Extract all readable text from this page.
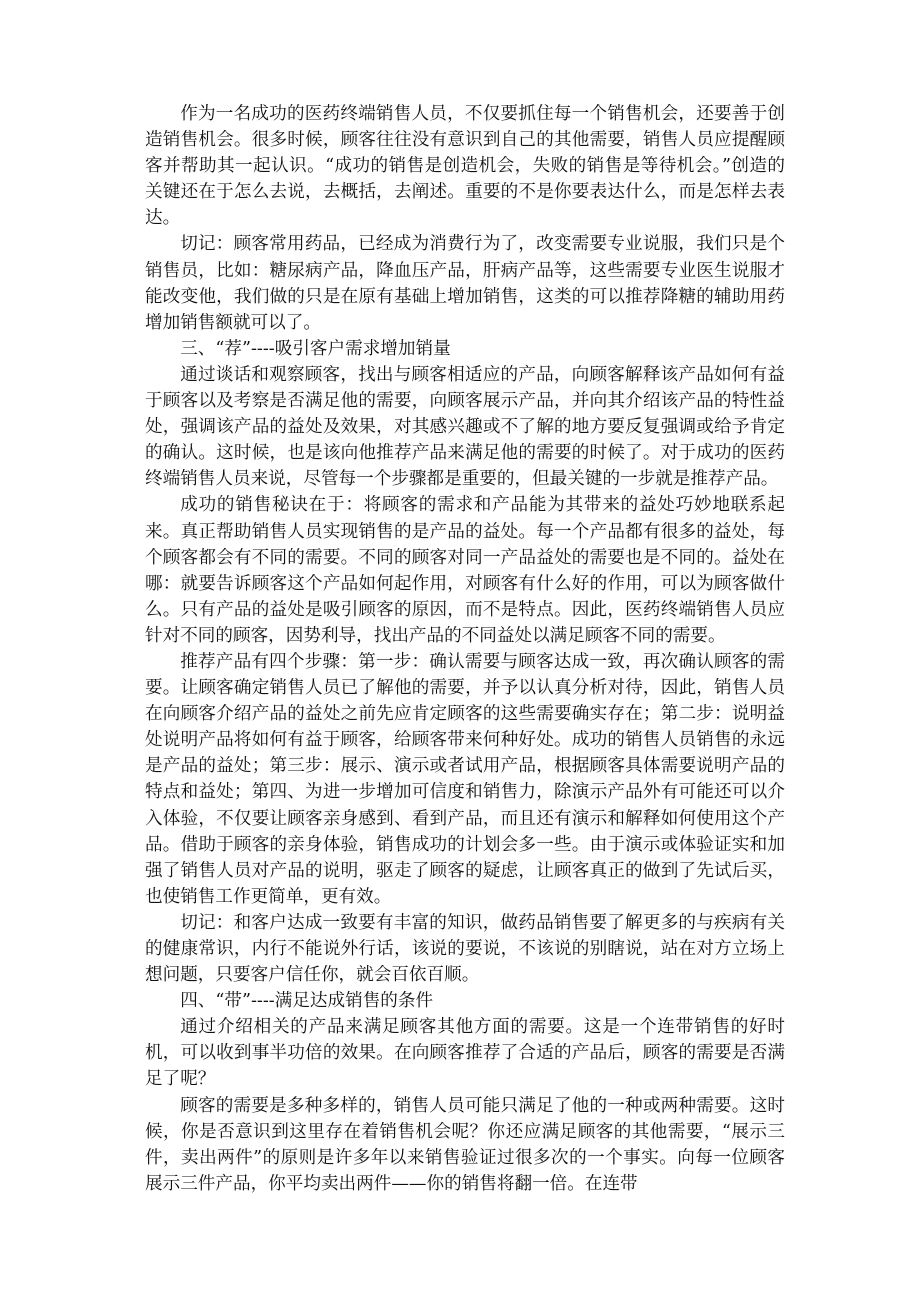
作为一名成功的医药终端销售人员，不仅要抓住每一个销售机会，还要善于创造销售机会。很多时候，顾客往往没有意识到自己的其他需要，销售人员应提醒顾客并帮助其一起认识。“成功的销售是创造机会，失败的销售是等待机会。”创造的关键还在于怎么去说，去概括，去阐述。重要的不是你要表达什么，而是怎样去表达。

切记：顾客常用药品，已经成为消费行为了，改变需要专业说服，我们只是个销售员，比如：糖尿病产品，降血压产品，肝病产品等，这些需要专业医生说服才能改变他，我们做的只是在原有基础上增加销售，这类的可以推荐降糖的辅助用药增加销售额就可以了。

三、“荐”----吸引客户需求增加销量

通过谈话和观察顾客，找出与顾客相适应的产品，向顾客解释该产品如何有益于顾客以及考察是否满足他的需要，向顾客展示产品，并向其介绍该产品的特性益处，强调该产品的益处及效果，对其感兴趣或不了解的地方要反复强调或给予肯定的确认。这时候，也是该向他推荐产品来满足他的需要的时候了。对于成功的医药终端销售人员来说，尽管每一个步骤都是重要的，但最关键的一步就是推荐产品。

成功的销售秘诀在于：将顾客的需求和产品能为其带来的益处巧妙地联系起来。真正帮助销售人员实现销售的是产品的益处。每一个产品都有很多的益处，每个顾客都会有不同的需要。不同的顾客对同一产品益处的需要也是不同的。益处在哪：就要告诉顾客这个产品如何起作用，对顾客有什么好的作用，可以为顾客做什么。只有产品的益处是吸引顾客的原因，而不是特点。因此，医药终端销售人员应针对不同的顾客，因势利导，找出产品的不同益处以满足顾客不同的需要。

推荐产品有四个步骤：第一步：确认需要与顾客达成一致，再次确认顾客的需要。让顾客确定销售人员已了解他的需要，并予以认真分析对待，因此，销售人员在向顾客介绍产品的益处之前先应肯定顾客的这些需要确实存在；第二步：说明益处说明产品将如何有益于顾客，给顾客带来何种好处。成功的销售人员销售的永远是产品的益处；第三步：展示、演示或者试用产品，根据顾客具体需要说明产品的特点和益处；第四、为进一步增加可信度和销售力，除演示产品外有可能还可以介入体验，不仅要让顾客亲身感到、看到产品，而且还有演示和解释如何使用这个产品。借助于顾客的亲身体验，销售成功的计划会多一些。由于演示或体验证实和加强了销售人员对产品的说明，驱走了顾客的疑虑，让顾客真正的做到了先试后买，也使销售工作更简单，更有效。

切记：和客户达成一致要有丰富的知识，做药品销售要了解更多的与疾病有关的健康常识，内行不能说外行话，该说的要说，不该说的别瞎说，站在对方立场上想问题，只要客户信任你，就会百依百顺。

四、“带”----满足达成销售的条件

通过介绍相关的产品来满足顾客其他方面的需要。这是一个连带销售的好时机，可以收到事半功倍的效果。在向顾客推荐了合适的产品后，顾客的需要是否满足了呢？

顾客的需要是多种多样的，销售人员可能只满足了他的一种或两种需要。这时候，你是否意识到这里存在着销售机会呢？你还应满足顾客的其他需要，“展示三件，卖出两件”的原则是许多年以来销售验证过很多次的一个事实。向每一位顾客展示三件产品，你平均卖出两件——你的销售将翻一倍。在连带
